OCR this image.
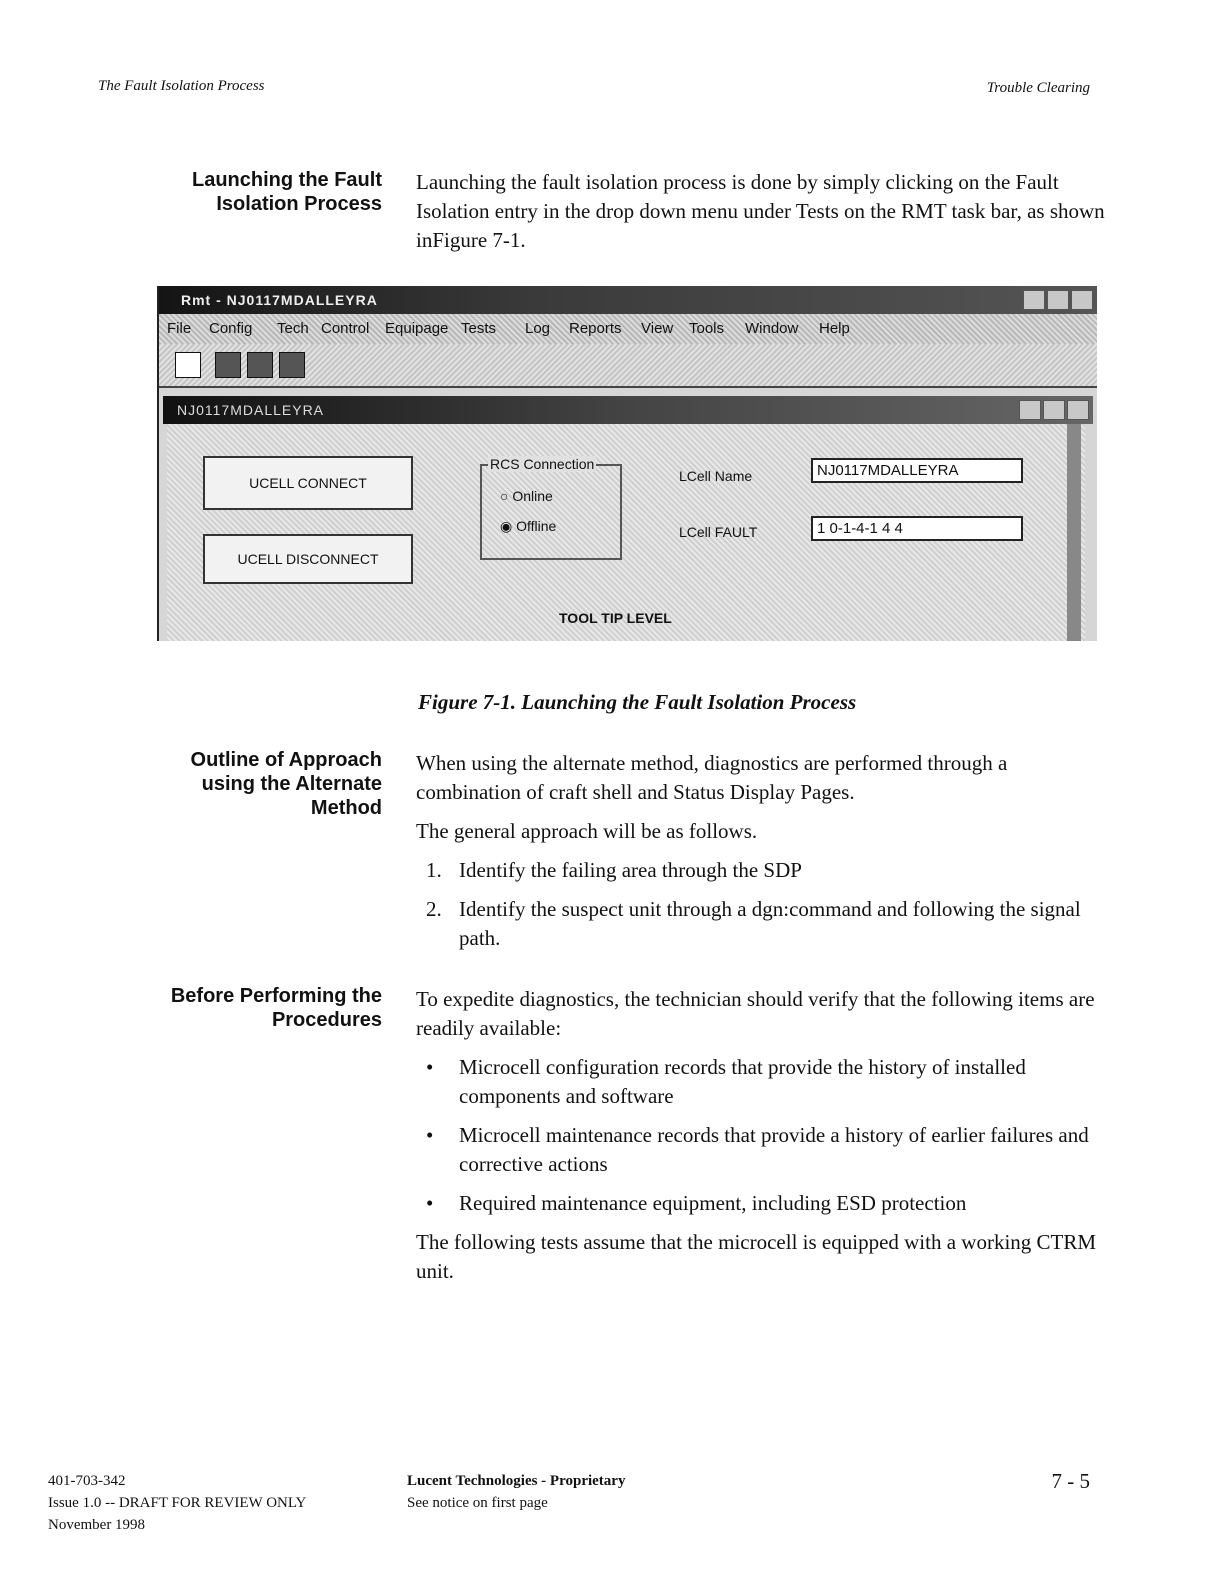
The Fault Isolation Process	Trouble Clearing
Launching the Fault
Isolation Process

Launching the fault isolation process is done by simply clicking on the Fault Isolation entry in the drop down menu under Tests on the RMT task bar, as shown inFigure 7-1.

Rmt - NJ0117MDALLEYRA
File Config Tech Control Equipage Tests Log Reports View Tools Window Help
NJ0117MDALLEYRA
UCELL CONNECT
UCELL DISCONNECT
RCS Connection
○ Online
◉ Offline
LCell Name	NJ0117MDALLEYRA
LCell FAULT	1 0-1-4-1 4 4
TOOL TIP LEVEL
Figure 7-1. Launching the Fault Isolation Process
Outline of Approach
using the Alternate
Method

When using the alternate method, diagnostics are performed through a combination of craft shell and Status Display Pages.

The general approach will be as follows.

1. Identify the failing area through the SDP
2. Identify the suspect unit through a dgn:command and following the signal path.
Before Performing the
Procedures

To expedite diagnostics, the technician should verify that the following items are readily available:

• Microcell configuration records that provide the history of installed components and software
• Microcell maintenance records that provide a history of earlier failures and corrective actions
• Required maintenance equipment, including ESD protection

The following tests assume that the microcell is equipped with a working CTRM unit.

401-703-342
Issue 1.0 -- DRAFT FOR REVIEW ONLY
November 1998
Lucent Technologies - Proprietary
See notice on first page
7 - 5
